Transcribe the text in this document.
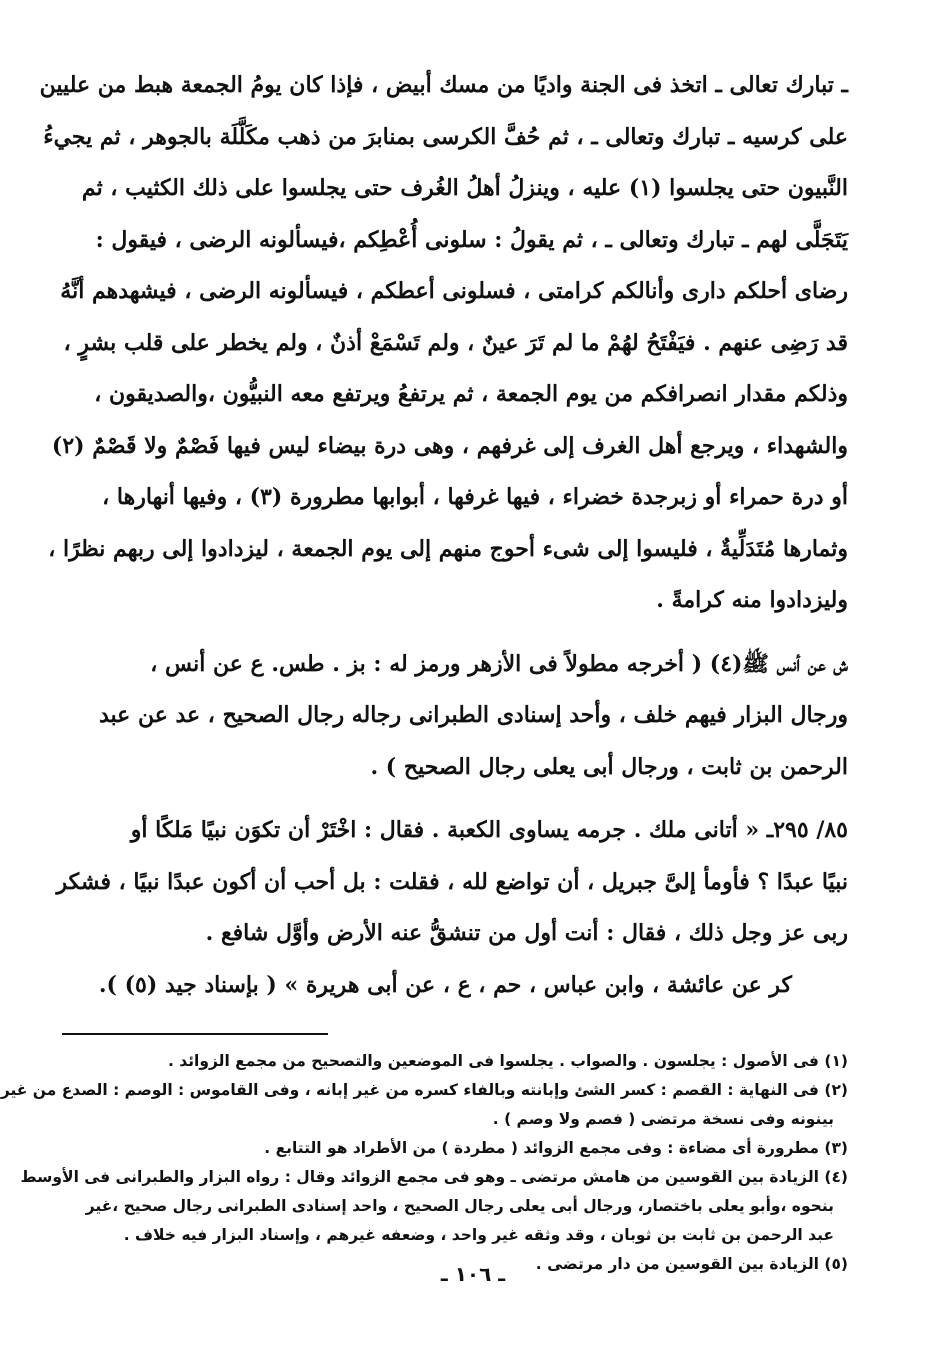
ـ تبارك تعالى ـ اتخذ فى الجنة واديًا من مسك أبيض ، فإذا كان يومُ الجمعة هبط من عليين
على كرسيه ـ تبارك وتعالى ـ ، ثم حُفَّ الكرسى بمنابرَ من ذهب مكَلَّلَة بالجوهر ، ثم يجيءُ
النَّبيون حتى يجلسوا (١) عليه ، وينزلُ أهلُ الغُرف حتى يجلسوا على ذلك الكثيب ، ثم
يَتَجَلَّى لهم ـ تبارك وتعالى ـ ، ثم يقولُ : سلونى أُعْطِكم ،فيسألونه الرضى ، فيقول :
رضاى أحلكم دارى وأنالكم كرامتى ، فسلونى أعطكم ، فيسألونه الرضى ، فيشهدهم أنَّهُ
قد رَضِى عنهم . فيَفْتَحُ لهُمْ ما لم تَرَ عينٌ ، ولم تَسْمَعْ أذنٌ ، ولم يخطر على قلب بشرٍ ،
وذلكم مقدار انصرافكم من يوم الجمعة ، ثم يرتفعُ ويرتفع معه النبيُّون ،والصديقون ،
والشهداء ، ويرجع أهل الغرف إلى غرفهم ، وهى درة بيضاء ليس فيها فَصْمٌ ولا قَصْمٌ (٢)
أو درة حمراء أو زبرجدة خضراء ، فيها غرفها ، أبوابها مطرورة (٣) ، وفيها أنهارها ،
وثمارها مُتَدَلِّيةٌ ، فليسوا إلى شىء أحوج منهم إلى يوم الجمعة ، ليزدادوا إلى ربهم نظرًا ،
وليزدادوا منه كرامةً .
ش عن أنس ﷺ(٤) ( أخرجه مطولاً فى الأزهر ورمز له : بز . طس. ع عن أنس ،
ورجال البزار فيهم خلف ، وأحد إسنادى الطبرانى رجاله رجال الصحيح ، عد عن عبد
الرحمن بن ثابت ، ورجال أبى يعلى رجال الصحيح ) .
٨٥/ ٢٩٥ـ « أتانى ملك . جرمه يساوى الكعبة . فقال : اخْتَرْ أن تكوَن نبيًا مَلكًا أو
نبيًا عبدًا ؟ فأومأ إلىَّ جبريل ، أن تواضع لله ، فقلت : بل أحب أن أكون عبدًا نبيًا ، فشكر
ربى عز وجل ذلك ، فقال : أنت أول من تنشقُّ عنه الأرض وأوَّل شافع .
كر عن عائشة ، وابن عباس ، حم ، ع ، عن أبى هريرة » ( بإسناد جيد (٥) ).
(١) فى الأصول : يجلسون . والصواب . يجلسوا فى الموضعين والتصحيح من مجمع الزوائد .
(٢) فى النهاية : القصم : كسر الشئ وإبانته وبالفاء كسره من غير إبانه ، وفى القاموس : الوصم : الصدع من غير
بينونه وفى نسخة مرتضى ( فصم ولا وصم ) .
(٣) مطرورة أى مضاءة : وفى مجمع الزوائد ( مطردة ) من الأطراد هو التتابع .
(٤) الزيادة بين القوسين من هامش مرتضى ـ وهو فى مجمع الزوائد وقال : رواه البزار والطبرانى فى الأوسط
بنحوه ،وأبو يعلى باختصار، ورجال أبى يعلى رجال الصحيح ، واحد إسنادى الطبرانى رجال صحيح ،غير
عبد الرحمن بن ثابت بن ثوبان ، وقد وثقه غير واحد ، وضعفه غيرهم ، وإسناد البزار فيه خلاف .
(٥) الزيادة بين القوسين من دار مرتضى .
ـ ١٠٦ ـ
